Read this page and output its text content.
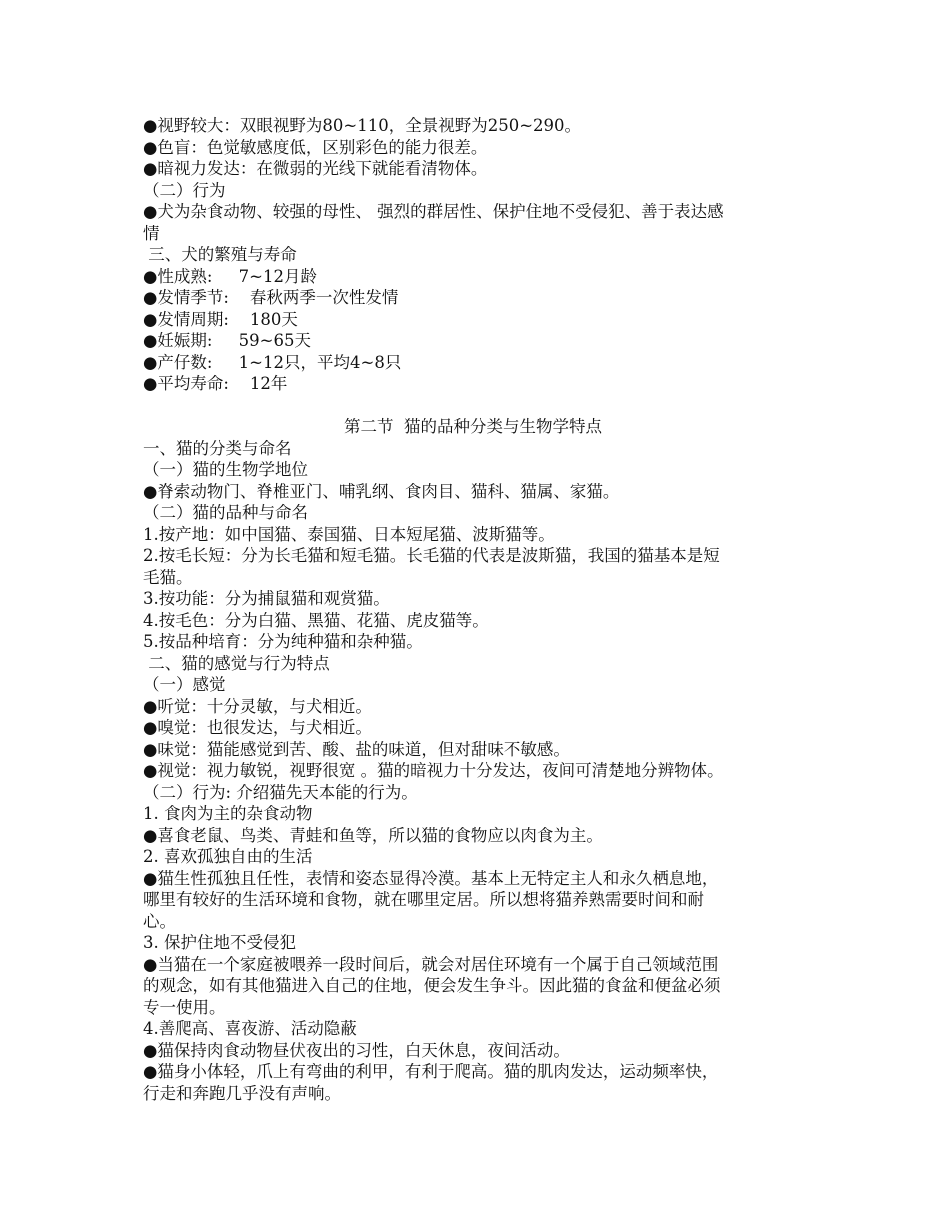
●视野较大：双眼视野为80~110，全景视野为250~290。
●色盲：色觉敏感度低，区别彩色的能力很差。
●暗视力发达：在微弱的光线下就能看清物体。
（二）行为
●犬为杂食动物、较强的母性、 强烈的群居性、保护住地不受侵犯、善于表达感
情
三、犬的繁殖与寿命
●性成熟:     7~12月龄
●发情季节:    春秋两季一次性发情
●发情周期:    180天
●妊娠期:     59~65天
●产仔数:     1~12只，平均4~8只
●平均寿命:    12年
第二节  猫的品种分类与生物学特点
一、猫的分类与命名
（一）猫的生物学地位
●脊索动物门、脊椎亚门、哺乳纲、食肉目、猫科、猫属、家猫。
（二）猫的品种与命名
1.按产地：如中国猫、泰国猫、日本短尾猫、波斯猫等。
2.按毛长短：分为长毛猫和短毛猫。长毛猫的代表是波斯猫，我国的猫基本是短
毛猫。
3.按功能：分为捕鼠猫和观赏猫。
4.按毛色：分为白猫、黑猫、花猫、虎皮猫等。
5.按品种培育：分为纯种猫和杂种猫。
二、猫的感觉与行为特点
（一）感觉
●听觉：十分灵敏，与犬相近。
●嗅觉：也很发达，与犬相近。
●味觉：猫能感觉到苦、酸、盐的味道，但对甜味不敏感。
●视觉：视力敏锐，视野很宽 。猫的暗视力十分发达，夜间可清楚地分辨物体。
（二）行为: 介绍猫先天本能的行为。
1. 食肉为主的杂食动物
●喜食老鼠、鸟类、青蛙和鱼等，所以猫的食物应以肉食为主。
2. 喜欢孤独自由的生活
●猫生性孤独且任性，表情和姿态显得冷漠。基本上无特定主人和永久栖息地，
哪里有较好的生活环境和食物，就在哪里定居。所以想将猫养熟需要时间和耐
心。
3. 保护住地不受侵犯
●当猫在一个家庭被喂养一段时间后，就会对居住环境有一个属于自己领域范围
的观念，如有其他猫进入自己的住地，便会发生争斗。因此猫的食盆和便盆必须
专一使用。
4.善爬高、喜夜游、活动隐蔽
●猫保持肉食动物昼伏夜出的习性，白天休息，夜间活动。
●猫身小体轻，爪上有弯曲的利甲，有利于爬高。猫的肌肉发达，运动频率快，
行走和奔跑几乎没有声响。
